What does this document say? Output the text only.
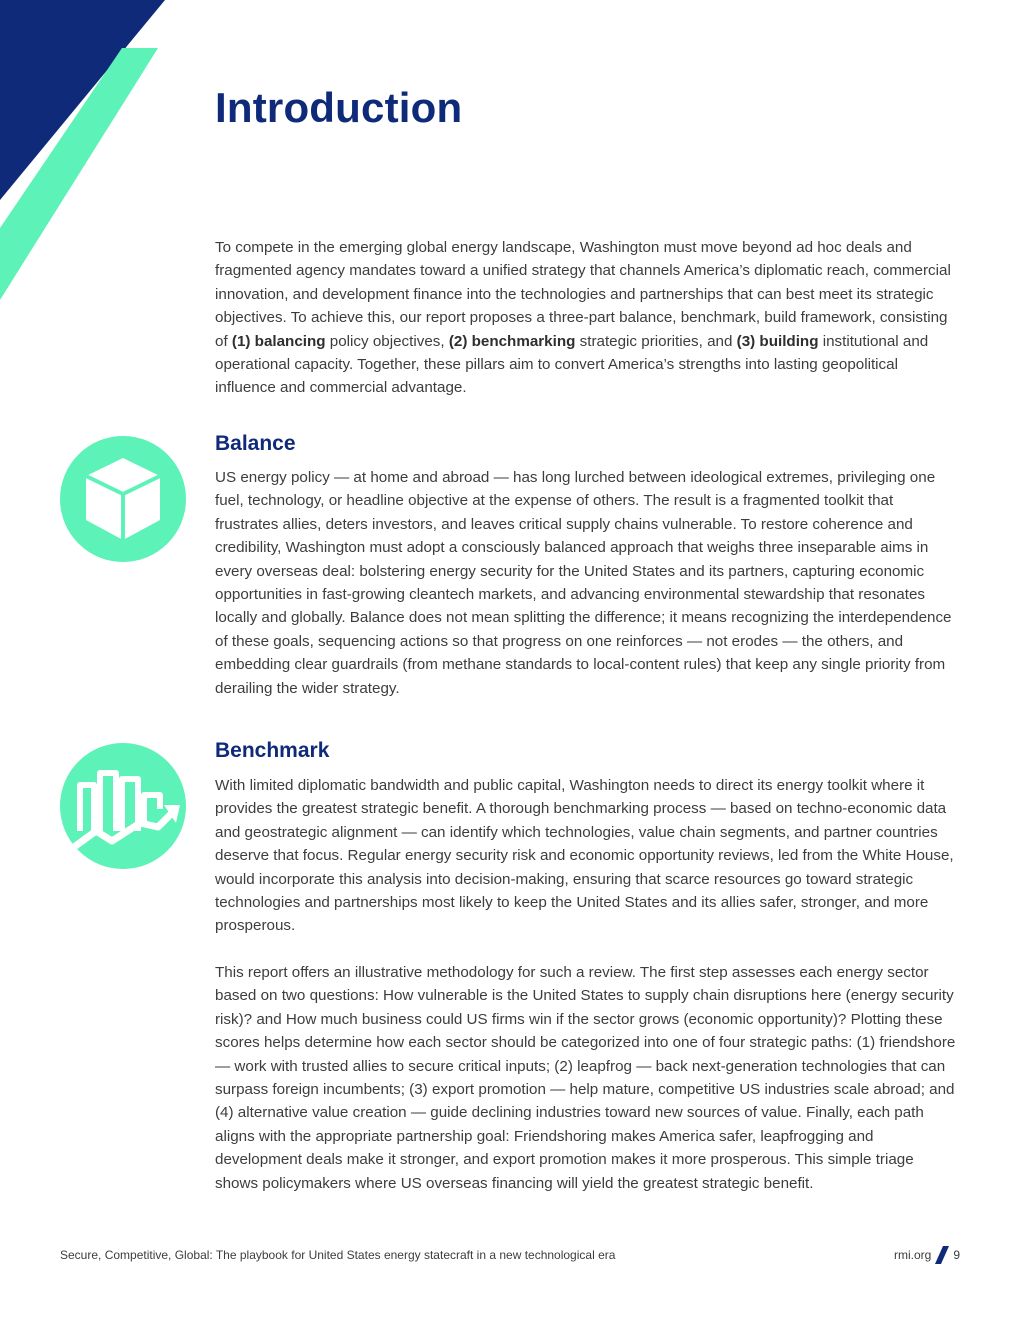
Introduction

To compete in the emerging global energy landscape, Washington must move beyond ad hoc deals and fragmented agency mandates toward a unified strategy that channels America’s diplomatic reach, commercial innovation, and development finance into the technologies and partnerships that can best meet its strategic objectives. To achieve this, our report proposes a three-part balance, benchmark, build framework, consisting of (1) balancing policy objectives, (2) benchmarking strategic priorities, and (3) building institutional and operational capacity. Together, these pillars aim to convert America’s strengths into lasting geopolitical influence and commercial advantage.

Balance

US energy policy — at home and abroad — has long lurched between ideological extremes, privileging one fuel, technology, or headline objective at the expense of others. The result is a fragmented toolkit that frustrates allies, deters investors, and leaves critical supply chains vulnerable. To restore coherence and credibility, Washington must adopt a consciously balanced approach that weighs three inseparable aims in every overseas deal: bolstering energy security for the United States and its partners, capturing economic opportunities in fast-growing cleantech markets, and advancing environmental stewardship that resonates locally and globally. Balance does not mean splitting the difference; it means recognizing the interdependence of these goals, sequencing actions so that progress on one reinforces — not erodes — the others, and embedding clear guardrails (from methane standards to local-content rules) that keep any single priority from derailing the wider strategy.

Benchmark

With limited diplomatic bandwidth and public capital, Washington needs to direct its energy toolkit where it provides the greatest strategic benefit. A thorough benchmarking process — based on techno-economic data and geostrategic alignment — can identify which technologies, value chain segments, and partner countries deserve that focus. Regular energy security risk and economic opportunity reviews, led from the White House, would incorporate this analysis into decision-making, ensuring that scarce resources go toward strategic technologies and partnerships most likely to keep the United States and its allies safer, stronger, and more prosperous.

This report offers an illustrative methodology for such a review. The first step assesses each energy sector based on two questions: How vulnerable is the United States to supply chain disruptions here (energy security risk)? and How much business could US firms win if the sector grows (economic opportunity)? Plotting these scores helps determine how each sector should be categorized into one of four strategic paths: (1) friendshore — work with trusted allies to secure critical inputs; (2) leapfrog — back next-generation technologies that can surpass foreign incumbents; (3) export promotion — help mature, competitive US industries scale abroad; and (4) alternative value creation — guide declining industries toward new sources of value. Finally, each path aligns with the appropriate partnership goal: Friendshoring makes America safer, leapfrogging and development deals make it stronger, and export promotion makes it more prosperous. This simple triage shows policymakers where US overseas financing will yield the greatest strategic benefit.

Secure, Competitive, Global: The playbook for United States energy statecraft in a new technological era	rmi.org 9
